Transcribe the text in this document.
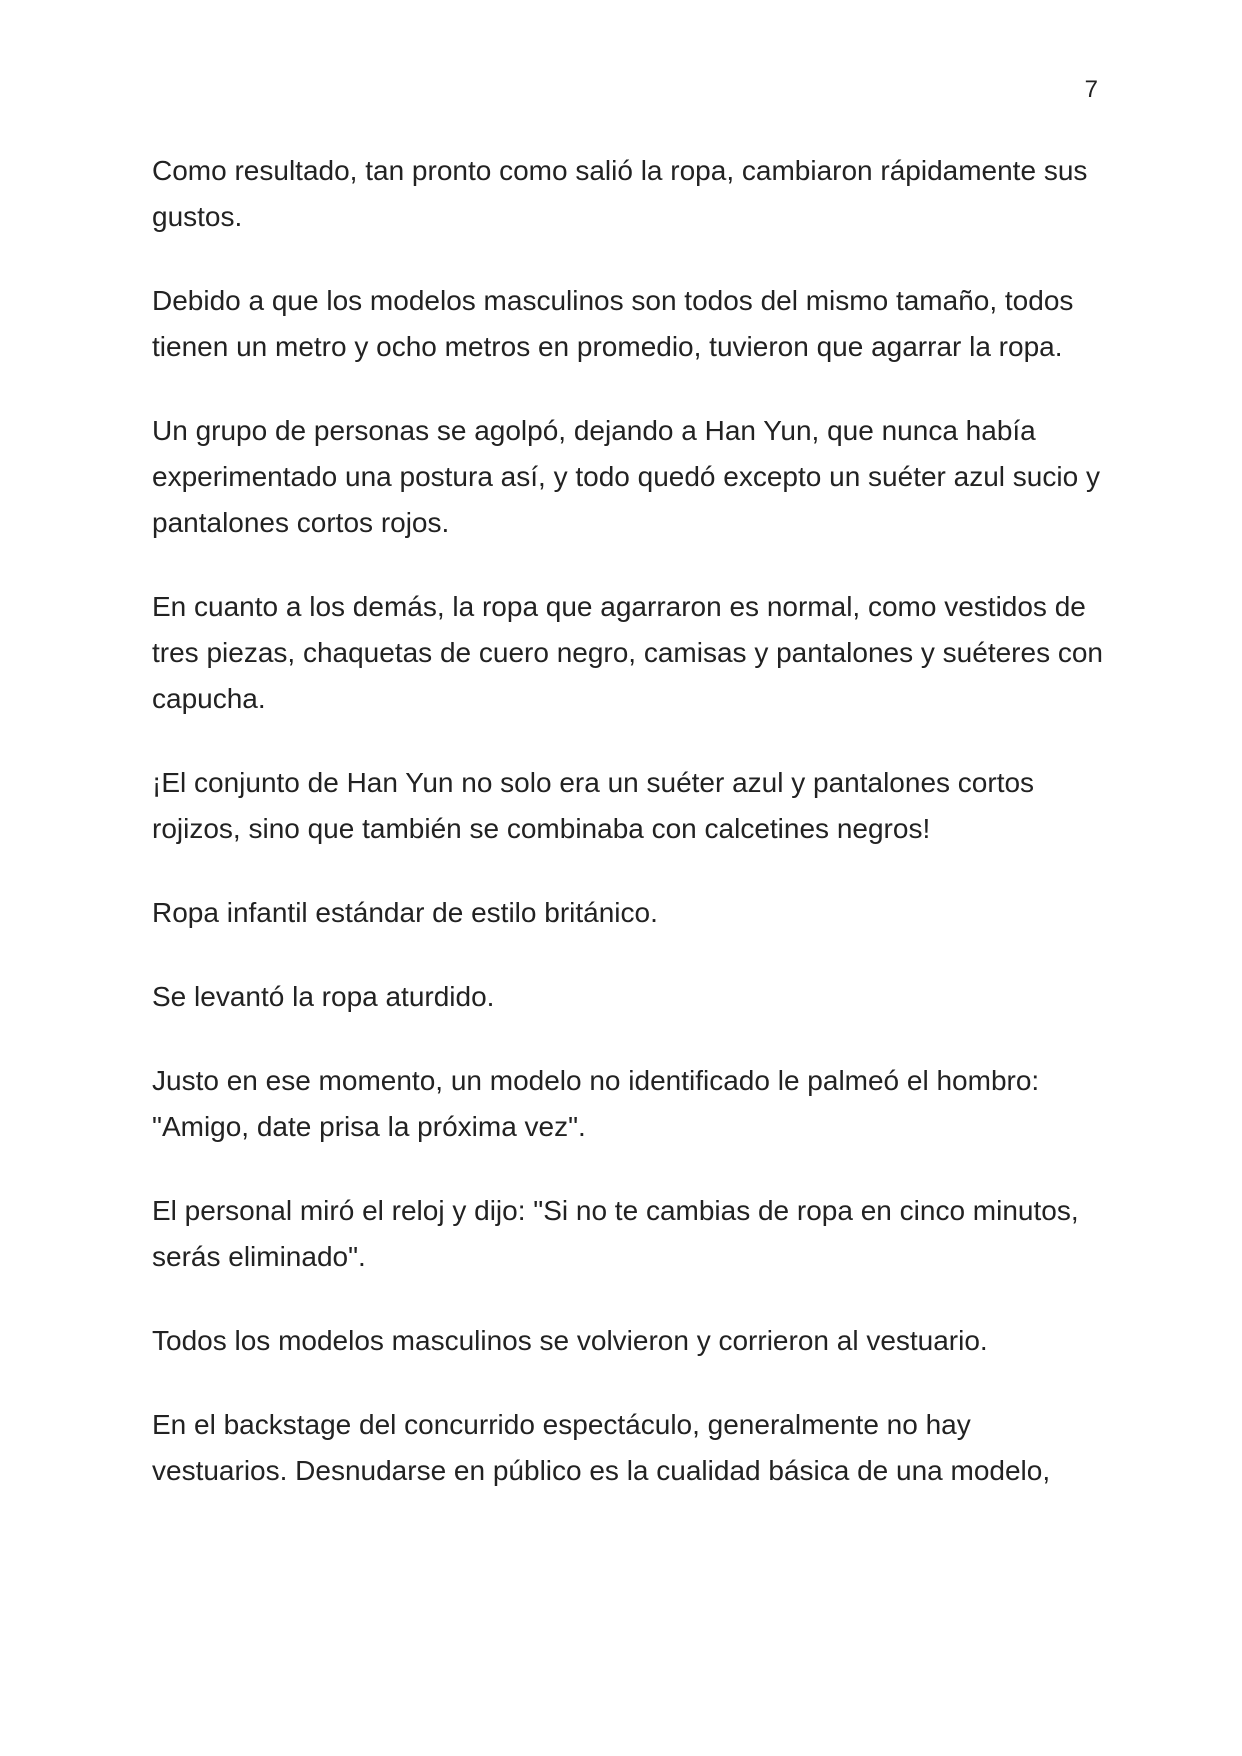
7

Como resultado, tan pronto como salió la ropa, cambiaron rápidamente sus gustos.

Debido a que los modelos masculinos son todos del mismo tamaño, todos tienen un metro y ocho metros en promedio, tuvieron que agarrar la ropa.

Un grupo de personas se agolpó, dejando a Han Yun, que nunca había experimentado una postura así, y todo quedó excepto un suéter azul sucio y pantalones cortos rojos.

En cuanto a los demás, la ropa que agarraron es normal, como vestidos de tres piezas, chaquetas de cuero negro, camisas y pantalones y suéteres con capucha.

¡El conjunto de Han Yun no solo era un suéter azul y pantalones cortos rojizos, sino que también se combinaba con calcetines negros!

Ropa infantil estándar de estilo británico.

Se levantó la ropa aturdido.

Justo en ese momento, un modelo no identificado le palmeó el hombro: "Amigo, date prisa la próxima vez".

El personal miró el reloj y dijo: "Si no te cambias de ropa en cinco minutos, serás eliminado".

Todos los modelos masculinos se volvieron y corrieron al vestuario.

En el backstage del concurrido espectáculo, generalmente no hay vestuarios. Desnudarse en público es la cualidad básica de una modelo,
